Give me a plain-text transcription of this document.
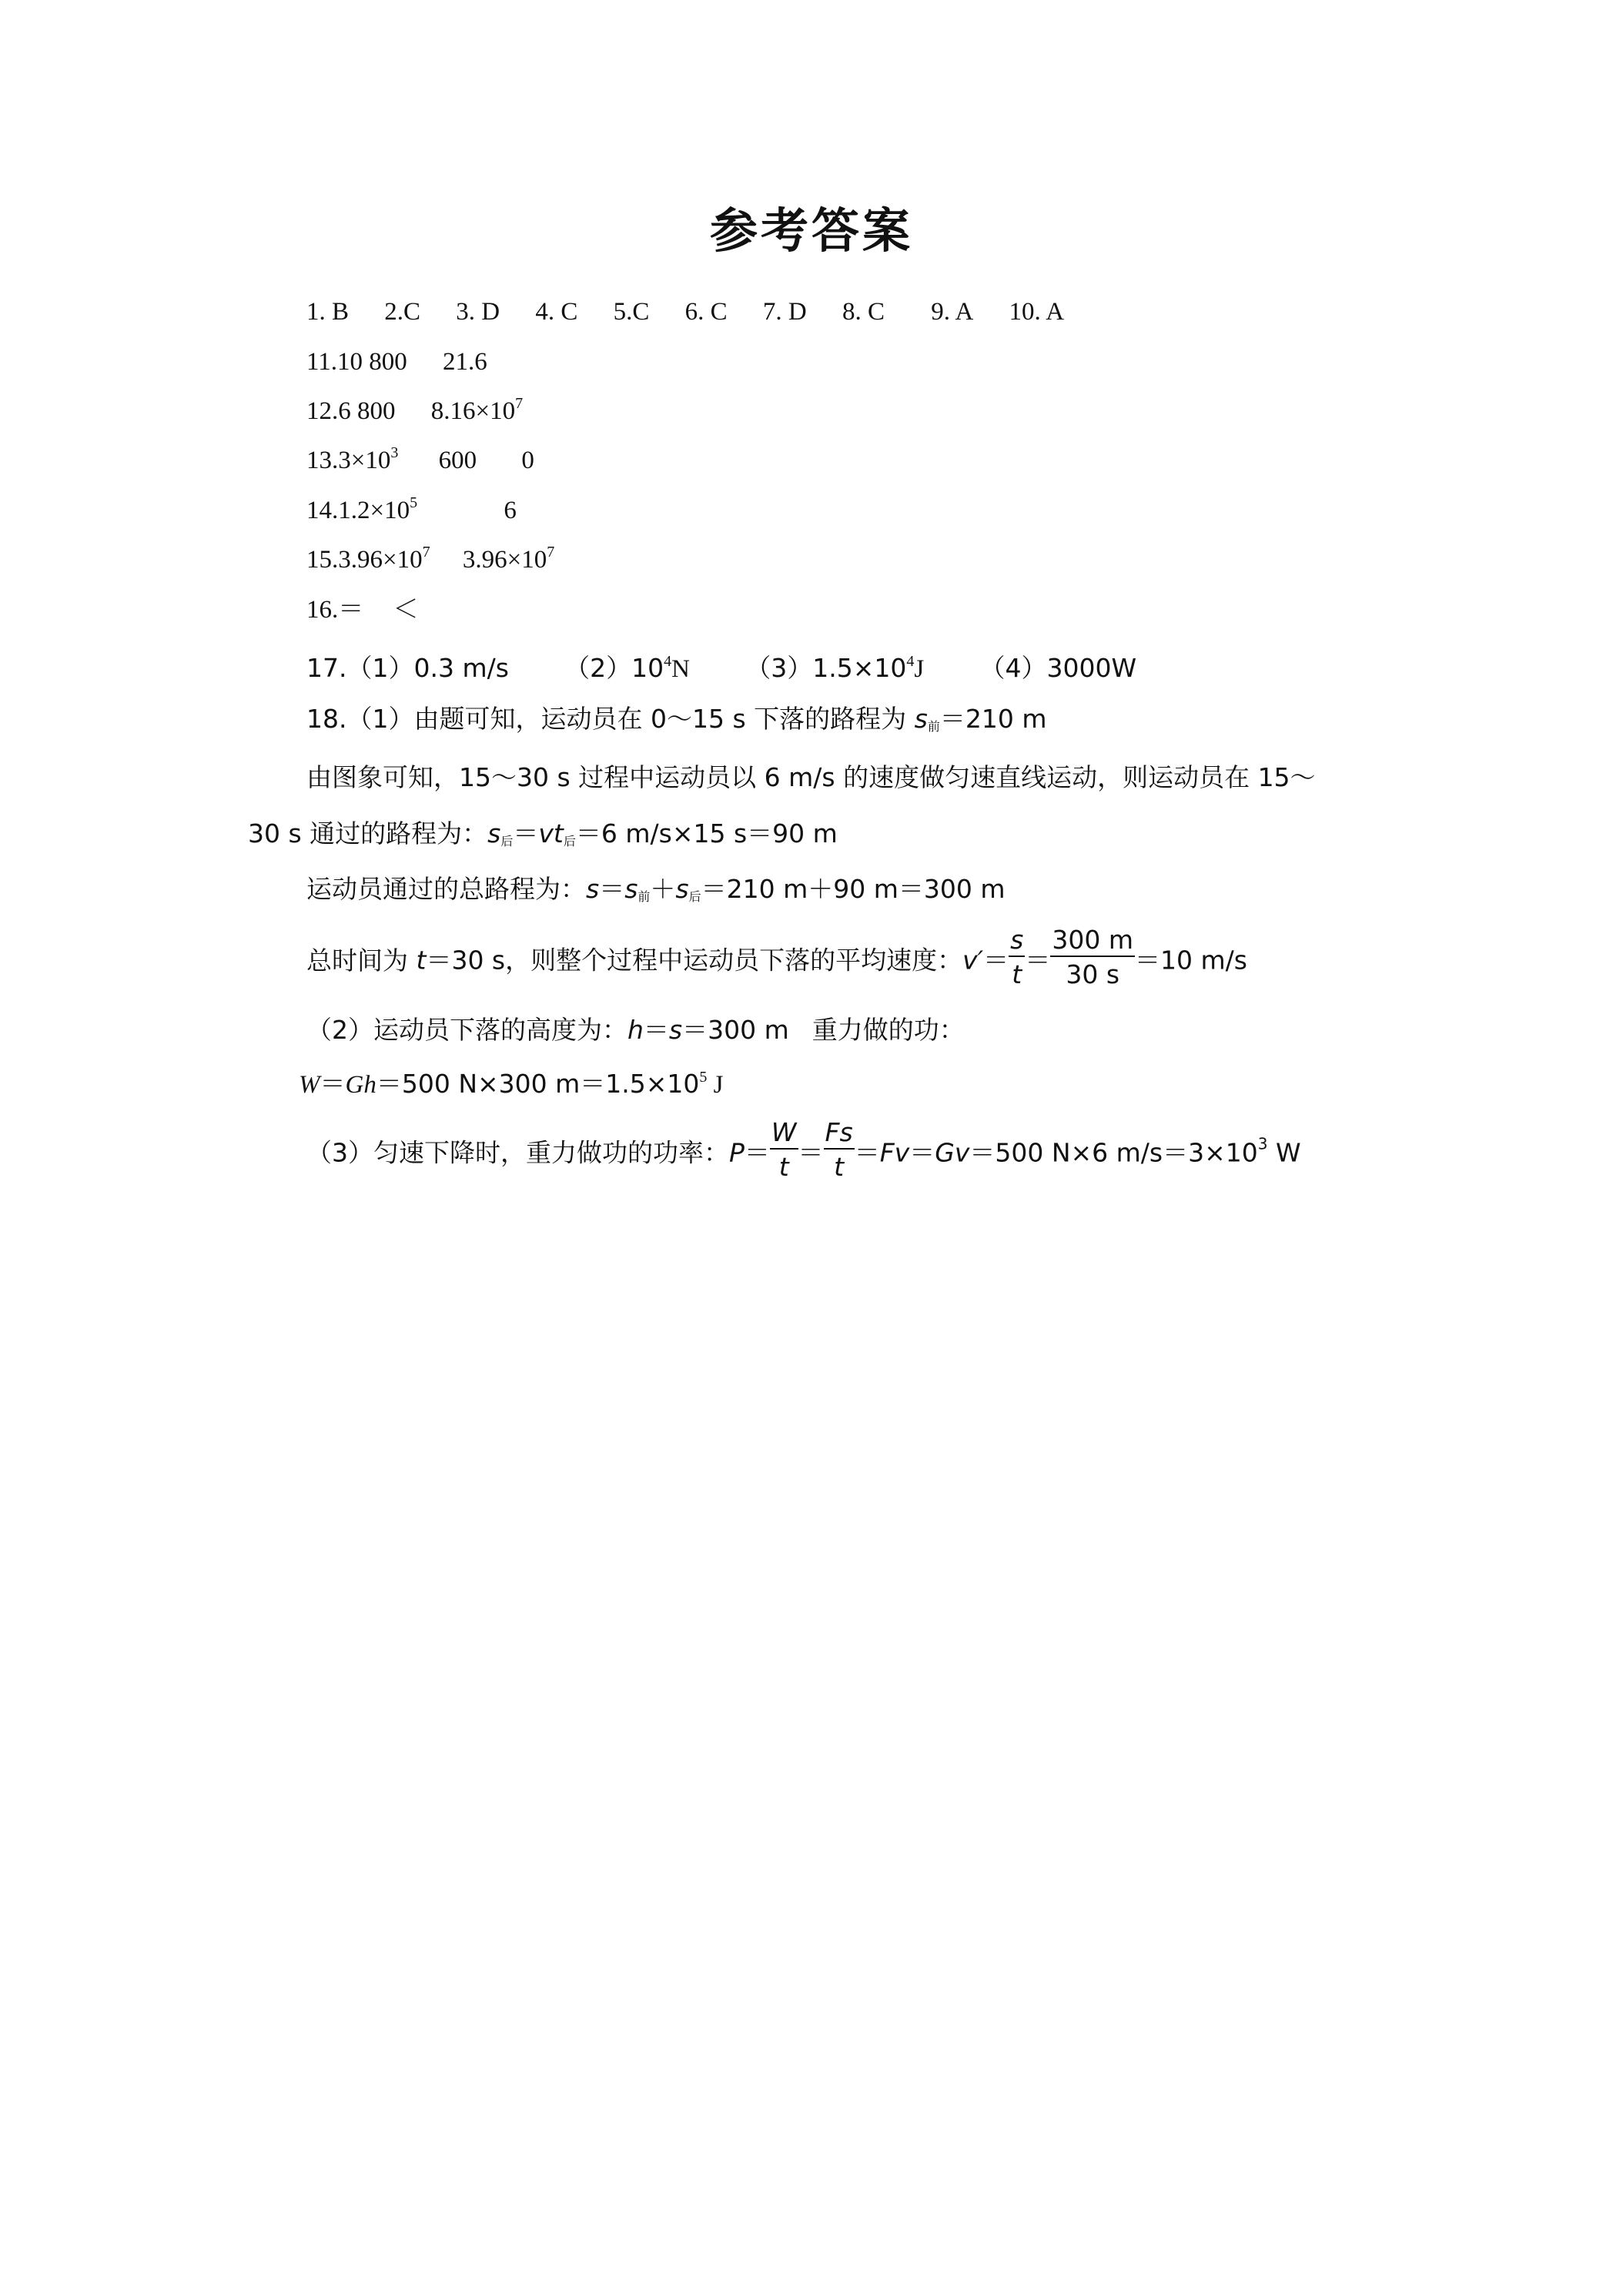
参考答案
1. B 2.C 3. D 4. C 5.C 6. C 7. D 8. C 9. A 10. A
11.10 800 21.6
12.6 800 $8.16\times 10^7$
$13.3\times 10^3$ 600 0
$14.1.2\times 10^5$	6
$15.3.96\times 10^7$ $3.96\times 10^7$
16.＝ ＜
17.（1）0.3 m/s $(2)10^4N$ $(3)1.5\times 10^4J$ （4）3000W
18.（1）由题可知，运动员在 0～15 s 下落的路程为 $s_前=210$ m
由图象可知，15～30 s 过程中运动员以 6 m/s 的速度做匀速直线运动，则运动员在 15～
30 s 通过的路程为：$s_后=vt_后=6$ m/s×15 s＝90 m
运动员通过的总路程为：$s=s_前+s_后=210$ m＋90 m＝300 m
总时间为 t＝30 s，则整个过程中运动员下落的平均速度：$v'= \frac{s}{t} = \frac{300 m}{30 s} =10$ m/s
（2）运动员下落的高度为：h＝s＝300 m 重力做的功：
W＝Gh＝500 N×300 $m=1.5\times 10^5$ J
（3）匀速下降时，重力做功的功率：$P= \frac{W}{t} = \frac{Fs}{t} =Fv=Gv=500$ N×6 $m/s=3\times 10^3$ W
